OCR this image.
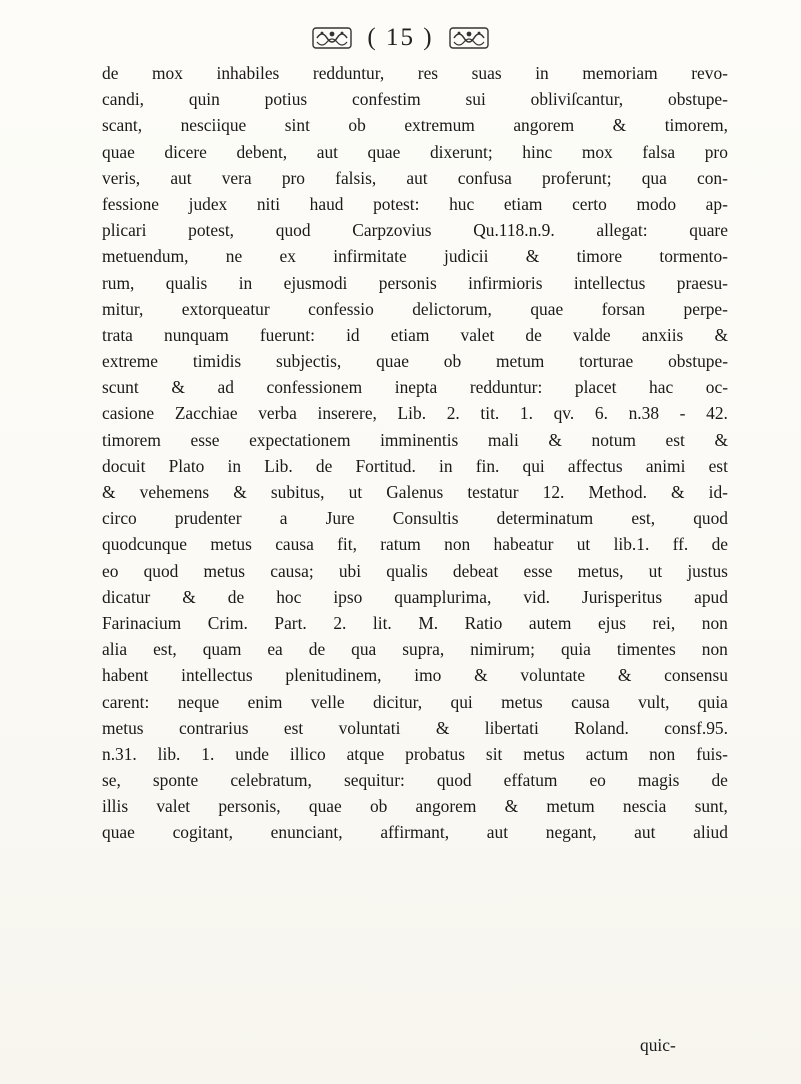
( 15 )
de mox inhabiles redduntur, res suas in memoriam revo-
candi,	quin	potius	confestim	sui	obliviſcantur,	obstupe-
scant, nesciique sint ob extremum angorem & timorem,
quae dicere debent, aut quae dixerunt; hinc mox falsa pro
veris, aut vera pro falsis, aut confusa proferunt; qua con-
fessione judex niti haud potest: huc etiam certo modo ap-
plicari potest, quod Carpzovius Qu.118.n.9. allegat: quare
metuendum, ne ex infirmitate judicii & timore tormento-
rum, qualis in ejusmodi personis infirmioris intellectus praesu-
mitur, extorqueatur confessio delictorum, quae forsan perpe-
trata nunquam fuerunt: id etiam valet de valde anxiis &
extreme timidis subjectis, quae ob metum torturae obstupe-
scunt & ad confessionem inepta redduntur: placet hac oc-
casione Zacchiae verba inserere, Lib. 2. tit. 1. qv. 6. n.38 - 42.
timorem esse expectationem imminentis mali & notum est &
docuit Plato in Lib. de Fortitud. in fin. qui affectus animi est
& vehemens & subitus, ut Galenus testatur 12. Method. & id-
circo prudenter a Jure Consultis determinatum est, quod
quodcunque metus causa fit, ratum non habeatur ut lib.1. ff. de
eo quod metus causa; ubi qualis debeat esse metus, ut justus
dicatur & de hoc ipso quamplurima, vid. Jurisperitus apud
Farinacium Crim. Part. 2. lit. M. Ratio autem ejus rei, non
alia est, quam ea de qua supra, nimirum; quia timentes non
habent intellectus plenitudinem, imo & voluntate & consensu
carent: neque enim velle dicitur, qui metus causa vult, quia
metus contrarius est voluntati & libertati Roland. consf.95.
n.31. lib. 1. unde illico atque probatus sit metus actum non fuis-
se, sponte celebratum, sequitur: quod effatum eo magis de
illis valet personis, quae ob angorem & metum nescia sunt,
quae cogitant, enunciant, affirmant, aut negant, aut aliud
quic-
